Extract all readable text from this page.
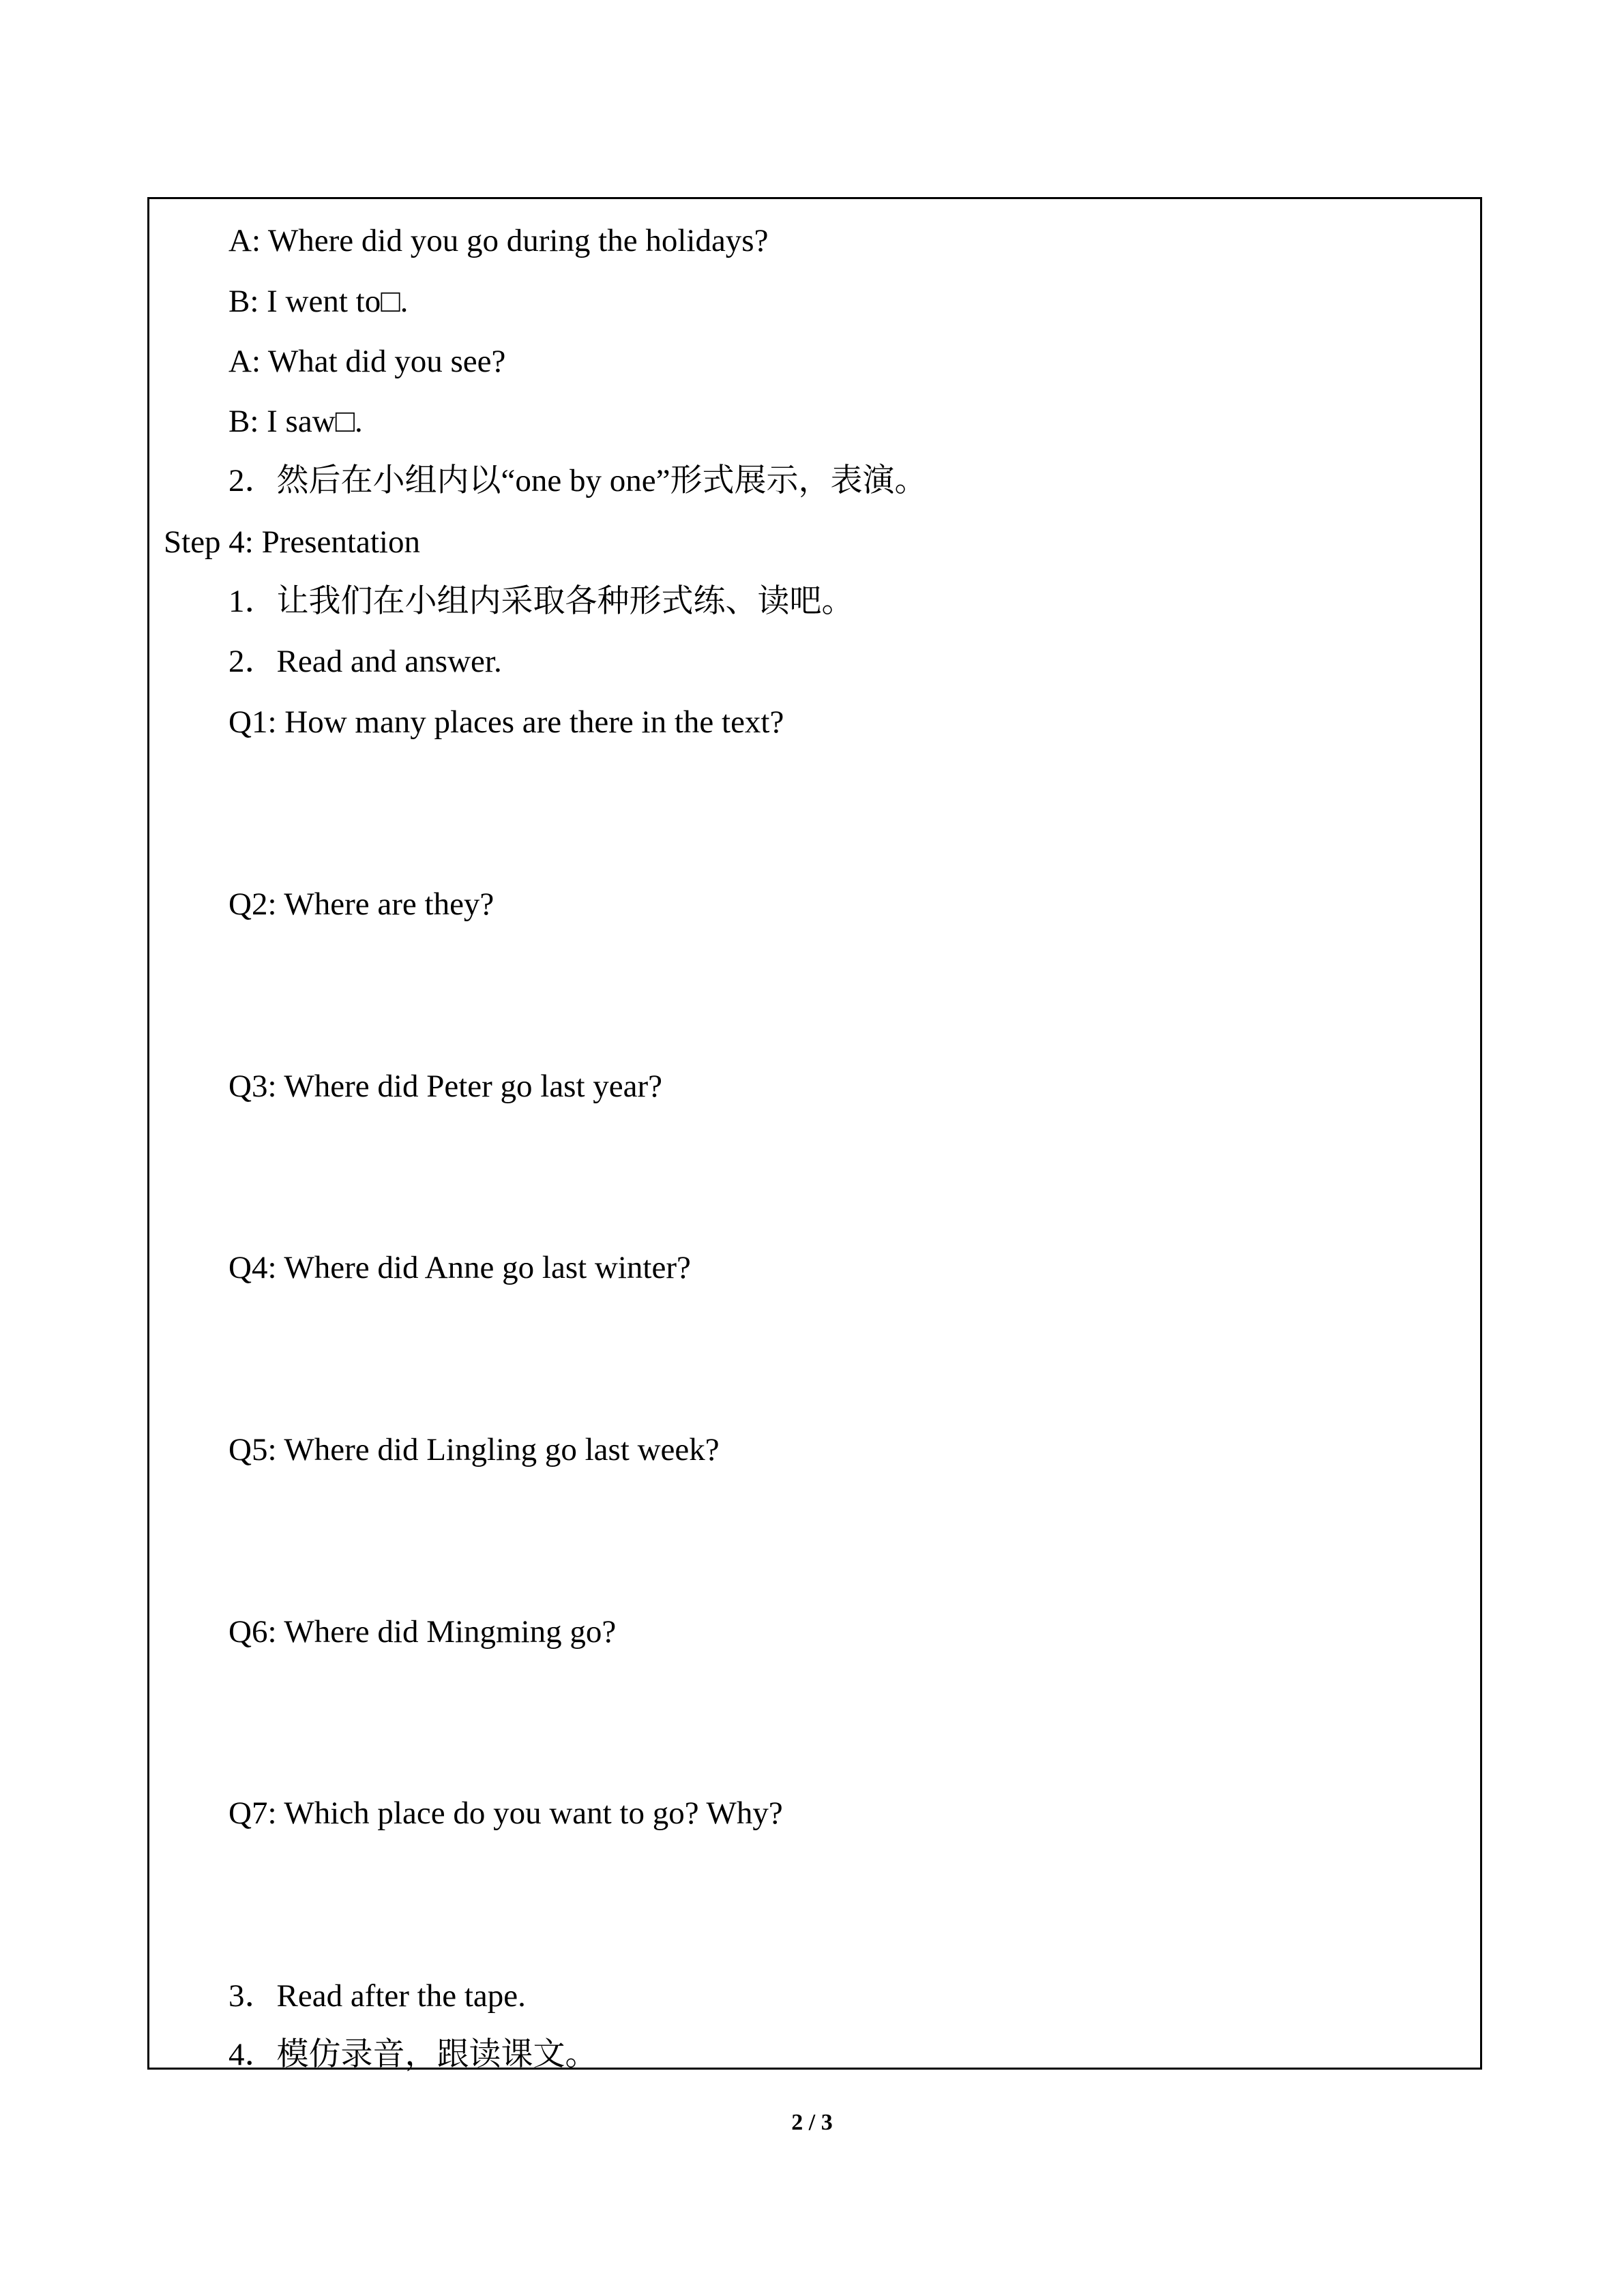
A: Where did you go during the holidays?
B: I went to□.
A: What did you see?
B: I saw□.
2．然后在小组内以“one by one”形式展示，表演。
Step 4: Presentation
1．让我们在小组内采取各种形式练、读吧。
2．Read and answer.
Q1: How many places are there in the text?
Q2: Where are they?
Q3: Where did Peter go last year?
Q4: Where did Anne go last winter?
Q5: Where did Lingling go last week?
Q6: Where did Mingming go?
Q7: Which place do you want to go? Why?
3．Read after the tape.
4．模仿录音，跟读课文。
2 / 3
